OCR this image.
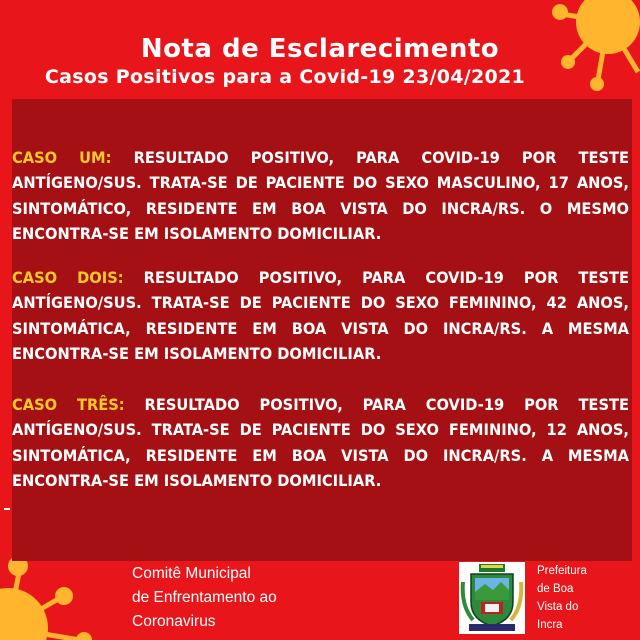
Nota de Esclarecimento
Casos Positivos para a Covid-19 23/04/2021
CASO UM: RESULTADO POSITIVO, PARA COVID-19 POR TESTE ANTÍGENO/SUS. TRATA-SE DE PACIENTE DO SEXO MASCULINO, 17 ANOS, SINTOMÁTICO, RESIDENTE EM BOA VISTA DO INCRA/RS. O MESMO ENCONTRA-SE EM ISOLAMENTO DOMICILIAR.
CASO DOIS: RESULTADO POSITIVO, PARA COVID-19 POR TESTE ANTÍGENO/SUS. TRATA-SE DE PACIENTE DO SEXO FEMININO, 42 ANOS, SINTOMÁTICA, RESIDENTE EM BOA VISTA DO INCRA/RS. A MESMA ENCONTRA-SE EM ISOLAMENTO DOMICILIAR.
CASO TRÊS: RESULTADO POSITIVO, PARA COVID-19 POR TESTE ANTÍGENO/SUS. TRATA-SE DE PACIENTE DO SEXO FEMININO, 12 ANOS, SINTOMÁTICA, RESIDENTE EM BOA VISTA DO INCRA/RS. A MESMA ENCONTRA-SE EM ISOLAMENTO DOMICILIAR.
Comitê Municipal
de Enfrentamento ao
Coronavirus
Prefeitura
de Boa
Vista do
Incra
